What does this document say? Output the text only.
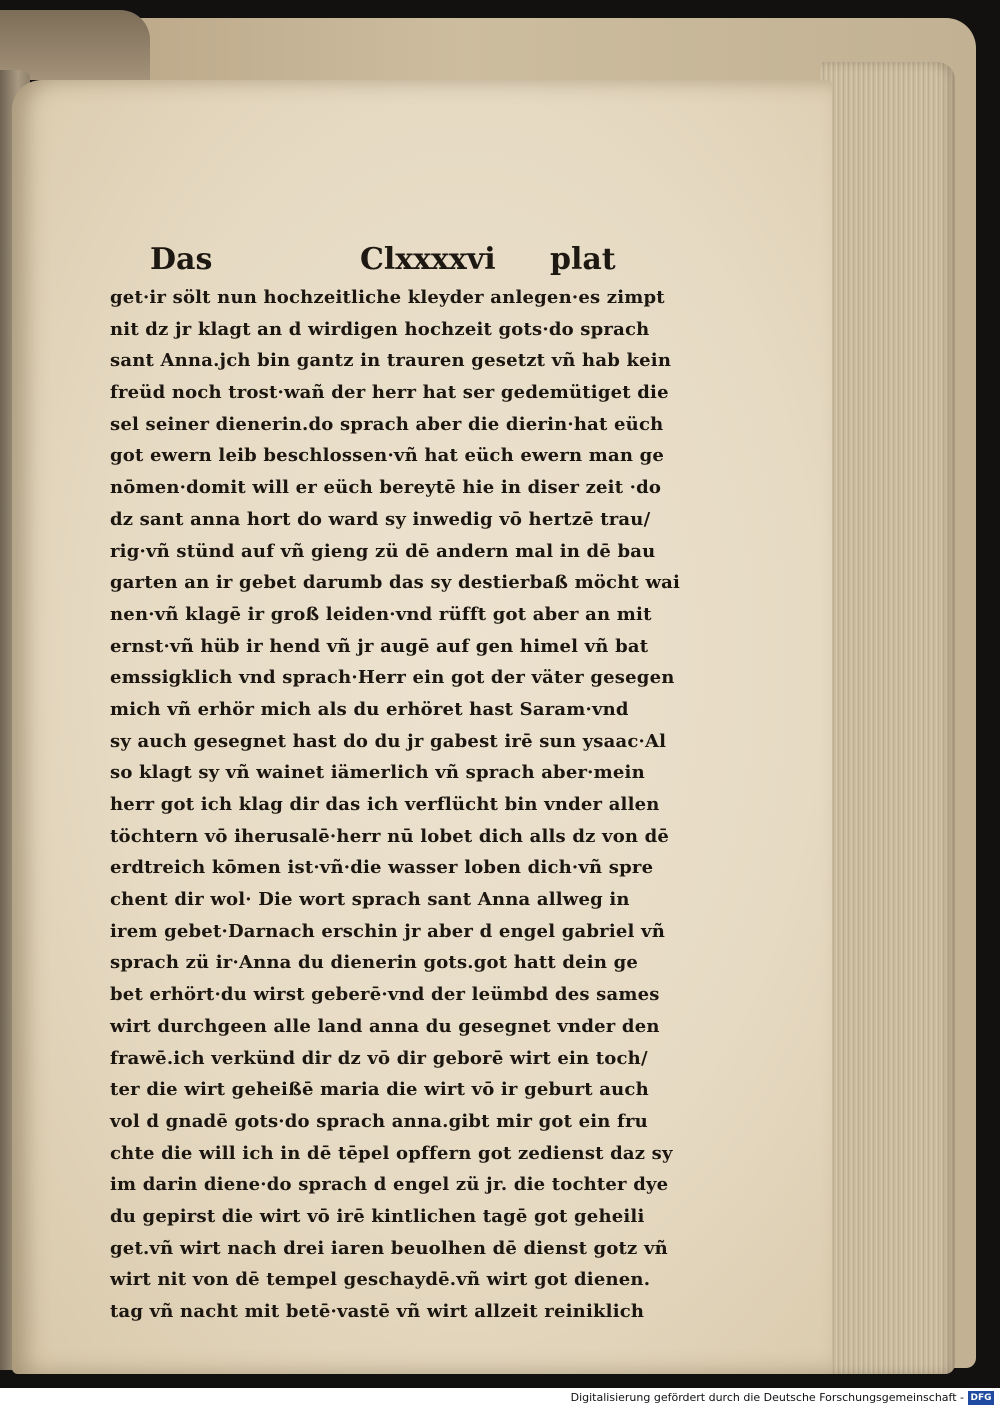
Das	Clxxxxvi plat
get·ir sölt nun hochzeitliche kleyder anlegen·es zimpt
nit dz jr klagt an d wirdigen hochzeit gots·do sprach
sant Anna.jch bin gantz in trauren gesetzt vñ hab kein
freüd noch trost·wañ der herr hat ser gedemütiget die
sel seiner dienerin.do sprach aber die dierin·hat eüch
got ewern leib beschlossen·vñ hat eüch ewern man ge
nōmen·domit will er eüch bereytē hie in diser zeit ·do
dz sant anna hort do ward sy inwedig vō hertzē trau/
rig·vñ stünd auf vñ gieng zü dē andern mal in dē bau
garten an ir gebet darumb das sy destierbaß möcht wai
nen·vñ klagē ir groß leiden·vnd rüfft got aber an mit
ernst·vñ hüb ir hend vñ jr augē auf gen himel vñ bat
emssigklich vnd sprach·Herr ein got der väter gesegen
mich vñ erhör mich als du erhöret hast Saram·vnd
sy auch gesegnet hast do du jr gabest irē sun ysaac·Al
so klagt sy vñ wainet iämerlich vñ sprach aber·mein
herr got ich klag dir das ich verflücht bin vnder allen
töchtern vō iherusalē·herr nū lobet dich alls dz von dē
erdtreich kōmen ist·vñ·die wasser loben dich·vñ spre
chent dir wol· Die wort sprach sant Anna allweg in
irem gebet·Darnach erschin jr aber d engel gabriel vñ
sprach zü ir·Anna du dienerin gots.got hatt dein ge
bet erhört·du wirst geberē·vnd der leümbd des sames
wirt durchgeen alle land anna du gesegnet vnder den
frawē.ich verkünd dir dz vō dir geborē wirt ein toch/
ter die wirt geheißē maria die wirt vō ir geburt auch
vol d gnadē gots·do sprach anna.gibt mir got ein fru
chte die will ich in dē tēpel opffern got zedienst daz sy
im darin diene·do sprach d engel zü jr. die tochter dye
du gepirst die wirt vō irē kintlichen tagē got geheili
get.vñ wirt nach drei iaren beuolhen dē dienst gotz vñ
wirt nit von dē tempel geschaydē.vñ wirt got dienen.
tag vñ nacht mit betē·vastē vñ wirt allzeit reiniklich
Digitalisierung gefördert durch die Deutsche Forschungsgemeinschaft - DFG
